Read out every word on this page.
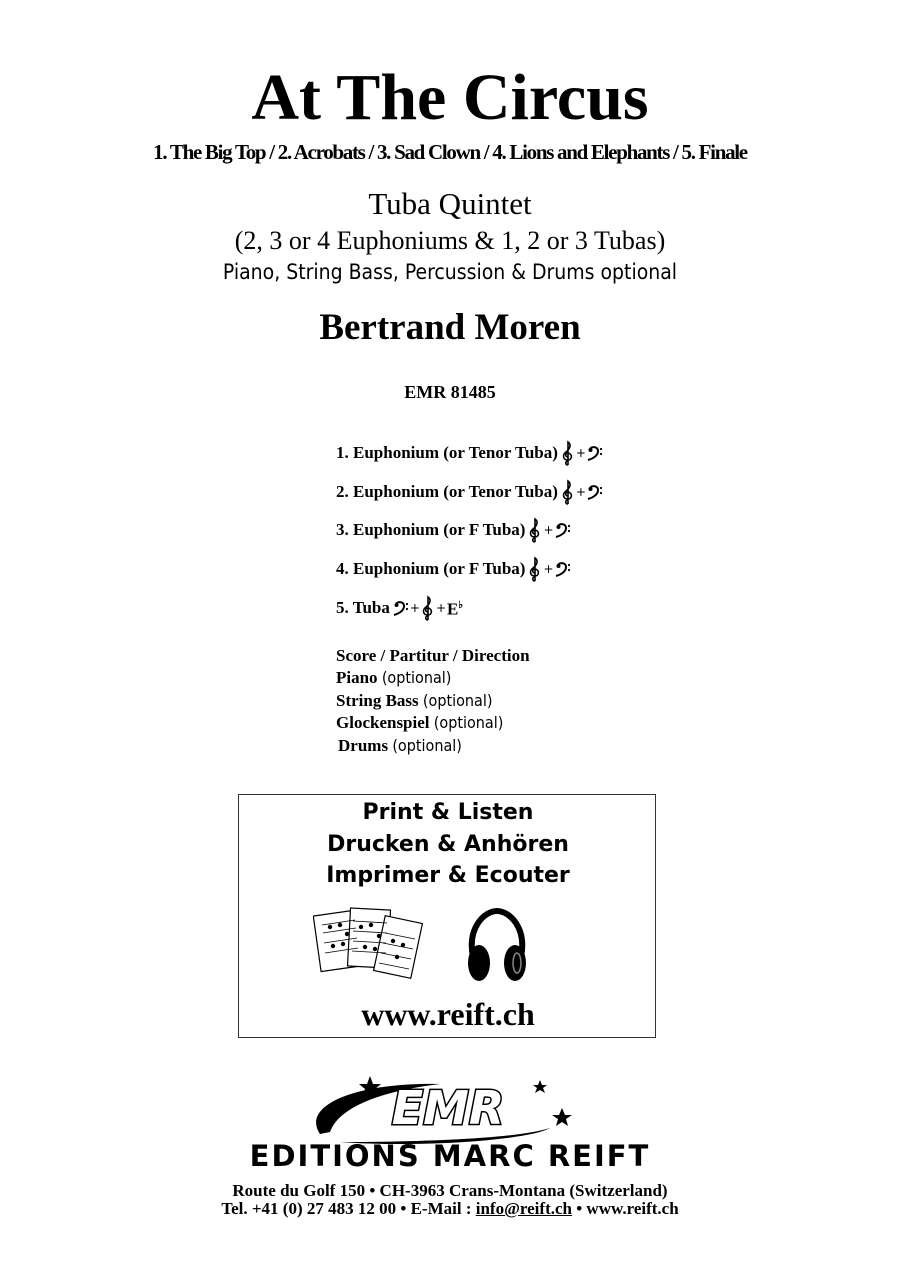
At The Circus
1. The Big Top / 2. Acrobats / 3. Sad Clown / 4. Lions and Elephants / 5. Finale
Tuba Quintet
(2, 3 or 4 Euphoniums & 1, 2 or 3 Tubas)
Piano, String Bass, Percussion & Drums optional
Bertrand Moren
EMR 81485
1. Euphonium (or Tenor Tuba) +
2. Euphonium (or Tenor Tuba) +
3. Euphonium (or F Tuba) +
4. Euphonium (or F Tuba) +
5. Tuba + + E♭
Score / Partitur / Direction
Piano (optional)
String Bass (optional)
Glockenspiel (optional)
Drums (optional)
Print & Listen
Drucken & Anhören
Imprimer & Ecouter
www.reift.ch
EMR
EDITIONS MARC REIFT
Route du Golf 150 • CH-3963 Crans-Montana (Switzerland)
Tel. +41 (0) 27 483 12 00 • E-Mail : info@reift.ch • www.reift.ch
